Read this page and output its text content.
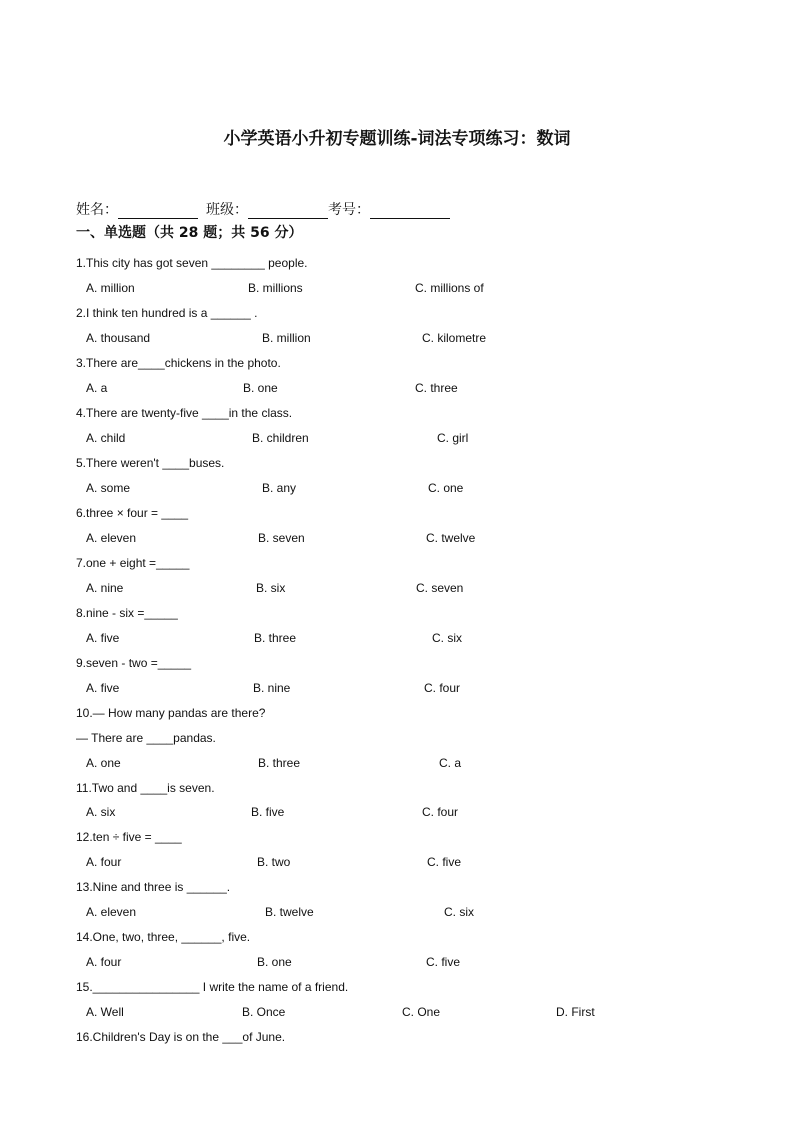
小学英语小升初专题训练-词法专项练习：数词
姓名：	班级：	考号：
一、单选题（共 28 题；共 56 分）
1.This city has got seven ________ people.
A. million	B. millions	C. millions of
2.I think ten hundred is a ______ .
A. thousand	B. million	C. kilometre
3.There are____chickens in the photo.
A. a	B. one	C. three
4.There are twenty-five ____in the class.
A. child	B. children	C. girl
5.There weren't ____buses.
A. some	B. any	C. one
6.three × four = ____
A. eleven	B. seven	C. twelve
7.one + eight =_____
A. nine	B. six	C. seven
8.nine - six =_____
A. five	B. three	C. six
9.seven - two =_____
A. five	B. nine	C. four
10.— How many pandas are there?
— There are ____pandas.
A. one	B. three	C. a
11.Two and ____is seven.
A. six	B. five	C. four
12.ten ÷ five = ____
A. four	B. two	C. five
13.Nine and three is ______.
A. eleven	B. twelve	C. six
14.One, two, three, ______, five.
A. four	B. one	C. five
15.________________ I write the name of a friend.
A. Well	B. Once	C. One	D. First
16.Children's Day is on the ___of June.
